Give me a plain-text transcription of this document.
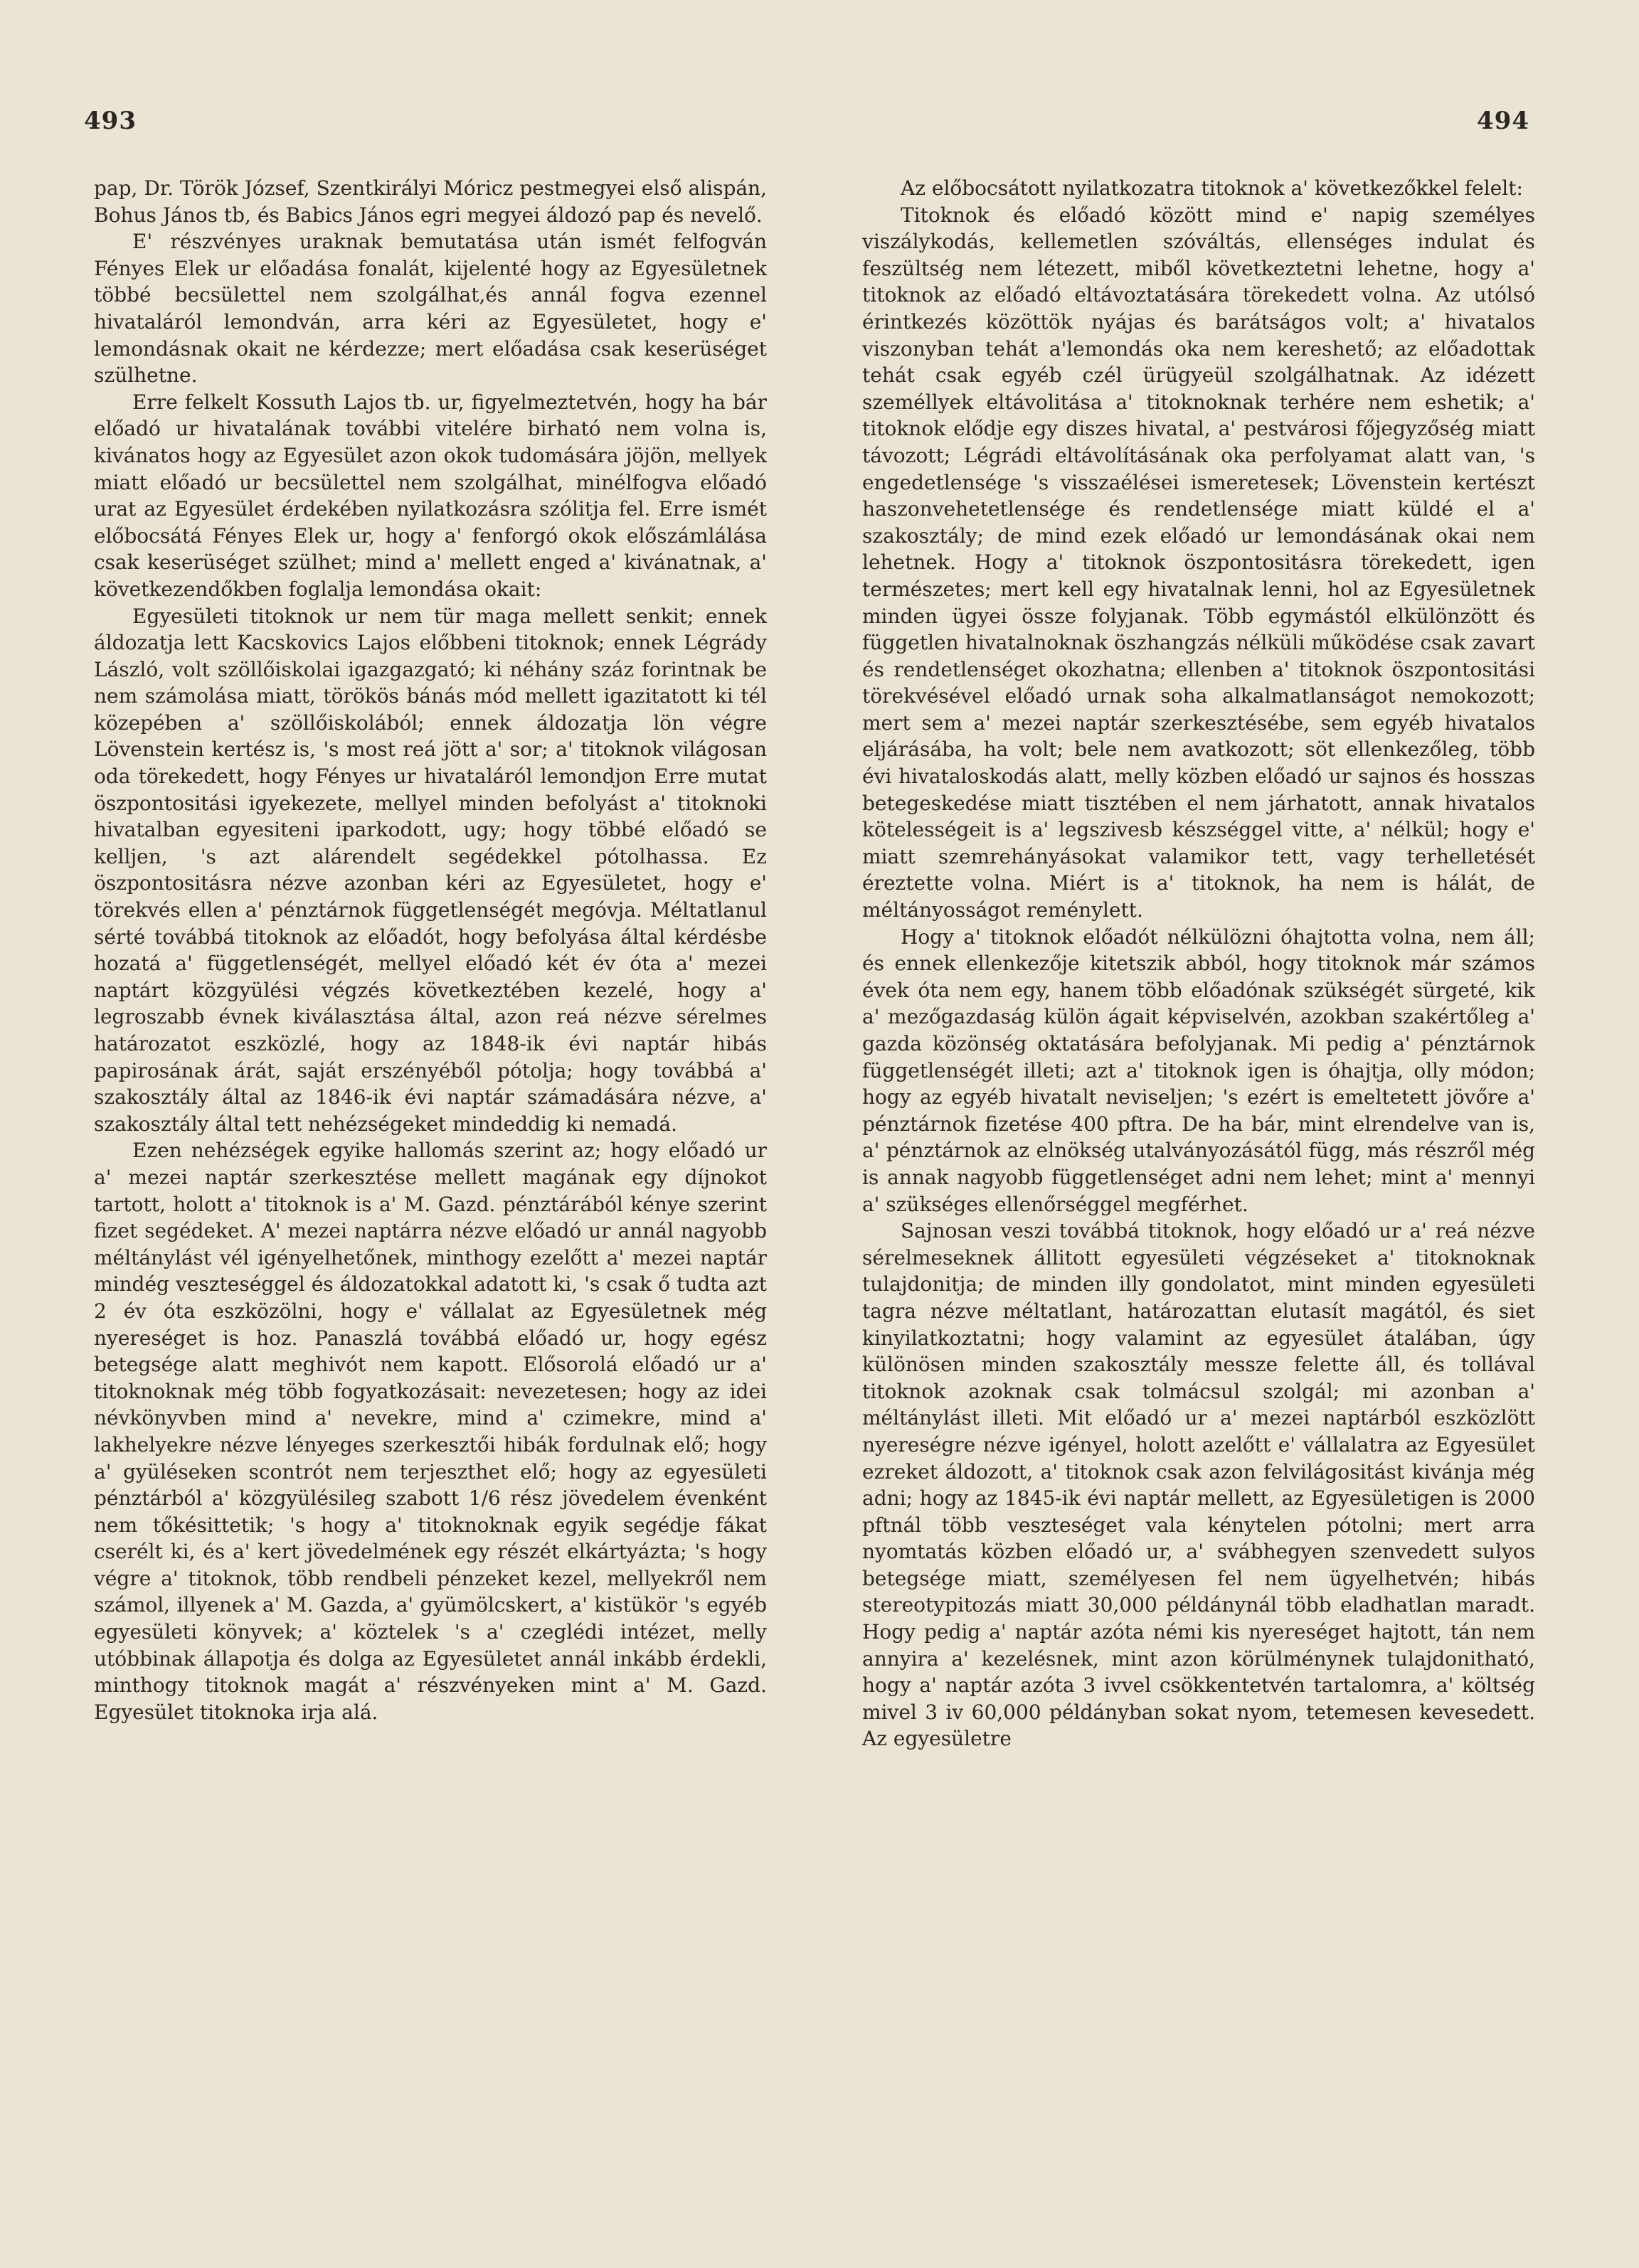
493	494

pap, Dr. Török József, Szentkirályi Móricz pestmegyei első alispán, Bohus János tb, és Babics János egri megyei áldozó pap és nevelő.

E' részvényes uraknak bemutatása után ismét felfogván Fényes Elek ur előadása fonalát, kijelenté hogy az Egyesületnek többé becsülettel nem szolgálhat,és annál fogva ezennel hivataláról lemondván, arra kéri az Egyesületet, hogy e' lemondásnak okait ne kérdezze; mert előadása csak keserüséget szülhetne.

Erre felkelt Kossuth Lajos tb. ur, figyelmeztetvén, hogy ha bár előadó ur hivatalának további vitelére birható nem volna is, kivánatos hogy az Egyesület azon okok tudomására jöjön, mellyek miatt előadó ur becsülettel nem szolgálhat, minélfogva előadó urat az Egyesület érdekében nyilatkozásra szólitja fel. Erre ismét előbocsátá Fényes Elek ur, hogy a' fenforgó okok előszámlálása csak keserüséget szülhet; mind a' mellett enged a' kivánatnak, a' következendőkben foglalja lemondása okait:

Egyesületi titoknok ur nem tür maga mellett senkit; ennek áldozatja lett Kacskovics Lajos előbbeni titoknok; ennek Légrády László, volt szöllőiskolai igazgazgató; ki néhány száz forintnak be nem számolása miatt, törökös bánás mód mellett igazitatott ki tél közepében a' szöllőiskolából; ennek áldozatja lön végre Lövenstein kertész is, 's most reá jött a' sor; a' titoknok világosan oda törekedett, hogy Fényes ur hivataláról lemondjon Erre mutat öszpontositási igyekezete, mellyel minden befolyást a' titoknoki hivatalban egyesiteni iparkodott, ugy; hogy többé előadó se kelljen, 's azt alárendelt segédekkel pótolhassa. Ez öszpontositásra nézve azonban kéri az Egyesületet, hogy e' törekvés ellen a' pénztárnok függetlenségét megóvja. Méltatlanul sérté továbbá titoknok az előadót, hogy befolyása által kérdésbe hozatá a' függetlenségét, mellyel előadó két év óta a' mezei naptárt közgyülési végzés következtében kezelé, hogy a' legroszabb évnek kiválasztása által, azon reá nézve sérelmes határozatot eszközlé, hogy az 1848-ik évi naptár hibás papirosának árát, saját erszényéből pótolja; hogy továbbá a' szakosztály által az 1846-ik évi naptár számadására nézve, a' szakosztály által tett nehézségeket mindeddig ki nemadá.

Ezen nehézségek egyike hallomás szerint az; hogy előadó ur a' mezei naptár szerkesztése mellett magának egy díjnokot tartott, holott a' titoknok is a' M. Gazd. pénztárából kénye szerint fizet segédeket. A' mezei naptárra nézve előadó ur annál nagyobb méltánylást vél igényelhetőnek, minthogy ezelőtt a' mezei naptár mindég veszteséggel és áldozatokkal adatott ki, 's csak ő tudta azt 2 év óta eszközölni, hogy e' vállalat az Egyesületnek még nyereséget is hoz. Panaszlá továbbá előadó ur, hogy egész betegsége alatt meghivót nem kapott. Elősorolá előadó ur a' titoknoknak még több fogyatkozásait: nevezetesen; hogy az idei névkönyvben mind a' nevekre, mind a' czimekre, mind a' lakhelyekre nézve lényeges szerkesztői hibák fordulnak elő; hogy a' gyüléseken scontrót nem terjeszthet elő; hogy az egyesületi pénztárból a' közgyülésileg szabott 1/6 rész jövedelem évenként nem tőkésittetik; 's hogy a' titoknoknak egyik segédje fákat cserélt ki, és a' kert jövedelmének egy részét elkártyázta; 's hogy végre a' titoknok, több rendbeli pénzeket kezel, mellyekről nem számol, illyenek a' M. Gazda, a' gyümölcskert, a' kistükör 's egyéb egyesületi könyvek; a' köztelek 's a' czeglédi intézet, melly utóbbinak állapotja és dolga az Egyesületet annál inkább érdekli, minthogy titoknok magát a' részvényeken mint a' M. Gazd. Egyesület titoknoka irja alá.

Az előbocsátott nyilatkozatra titoknok a' következőkkel felelt:

Titoknok és előadó között mind e' napig személyes viszálykodás, kellemetlen szóváltás, ellenséges indulat és feszültség nem létezett, miből következtetni lehetne, hogy a' titoknok az előadó eltávoztatására törekedett volna. Az utólsó érintkezés közöttök nyájas és barátságos volt; a' hivatalos viszonyban tehát a'lemondás oka nem kereshető; az előadottak tehát csak egyéb czél ürügyeül szolgálhatnak. Az idézett személlyek eltávolitása a' titoknoknak terhére nem eshetik; a' titoknok elődje egy diszes hivatal, a' pestvárosi főjegyzőség miatt távozott; Légrádi eltávolításának oka perfolyamat alatt van, 's engedetlensége 's visszaélései ismeretesek; Lövenstein kertészt haszonvehetetlensége és rendetlensége miatt küldé el a' szakosztály; de mind ezek előadó ur lemondásának okai nem lehetnek. Hogy a' titoknok öszpontositásra törekedett, igen természetes; mert kell egy hivatalnak lenni, hol az Egyesületnek minden ügyei össze folyjanak. Több egymástól elkülönzött és független hivatalnoknak öszhangzás nélküli működése csak zavart és rendetlenséget okozhatna; ellenben a' titoknok öszpontositási törekvésével előadó urnak soha alkalmatlanságot nemokozott; mert sem a' mezei naptár szerkesztésébe, sem egyéb hivatalos eljárásába, ha volt; bele nem avatkozott; söt ellenkezőleg, több évi hivataloskodás alatt, melly közben előadó ur sajnos és hosszas betegeskedése miatt tisztében el nem járhatott, annak hivatalos kötelességeit is a' legszivesb készséggel vitte, a' nélkül; hogy e' miatt szemrehányásokat valamikor tett, vagy terhelletését éreztette volna. Miért is a' titoknok, ha nem is hálát, de méltányosságot reménylett.

Hogy a' titoknok előadót nélkülözni óhajtotta volna, nem áll; és ennek ellenkezője kitetszik abból, hogy titoknok már számos évek óta nem egy, hanem több előadónak szükségét sürgeté, kik a' mezőgazdaság külön ágait képviselvén, azokban szakértőleg a' gazda közönség oktatására befolyjanak. Mi pedig a' pénztárnok függetlenségét illeti; azt a' titoknok igen is óhajtja, olly módon; hogy az egyéb hivatalt neviseljen; 's ezért is emeltetett jövőre a' pénztárnok fizetése 400 pftra. De ha bár, mint elrendelve van is, a' pénztárnok az elnökség utalványozásától függ, más részről még is annak nagyobb függetlenséget adni nem lehet; mint a' mennyi a' szükséges ellenőrséggel megférhet.

Sajnosan veszi továbbá titoknok, hogy előadó ur a' reá nézve sérelmeseknek állitott egyesületi végzéseket a' titoknoknak tulajdonitja; de minden illy gondolatot, mint minden egyesületi tagra nézve méltatlant, határozattan elutasít magától, és siet kinyilatkoztatni; hogy valamint az egyesület átalában, úgy különösen minden szakosztály messze felette áll, és tollával titoknok azoknak csak tolmácsul szolgál; mi azonban a' méltánylást illeti. Mit előadó ur a' mezei naptárból eszközlött nyereségre nézve igényel, holott azelőtt e' vállalatra az Egyesület ezreket áldozott, a' titoknok csak azon felvilágositást kivánja még adni; hogy az 1845-ik évi naptár mellett, az Egyesületigen is 2000 pftnál több veszteséget vala kénytelen pótolni; mert arra nyomtatás közben előadó ur, a' svábhegyen szenvedett sulyos betegsége miatt, személyesen fel nem ügyelhetvén; hibás stereotypitozás miatt 30,000 példánynál több eladhatlan maradt. Hogy pedig a' naptár azóta némi kis nyereséget hajtott, tán nem annyira a' kezelésnek, mint azon körülménynek tulajdonitható, hogy a' naptár azóta 3 ivvel csökkentetvén tartalomra, a' költség mivel 3 iv 60,000 példányban sokat nyom, tetemesen kevesedett. Az egyesületre
